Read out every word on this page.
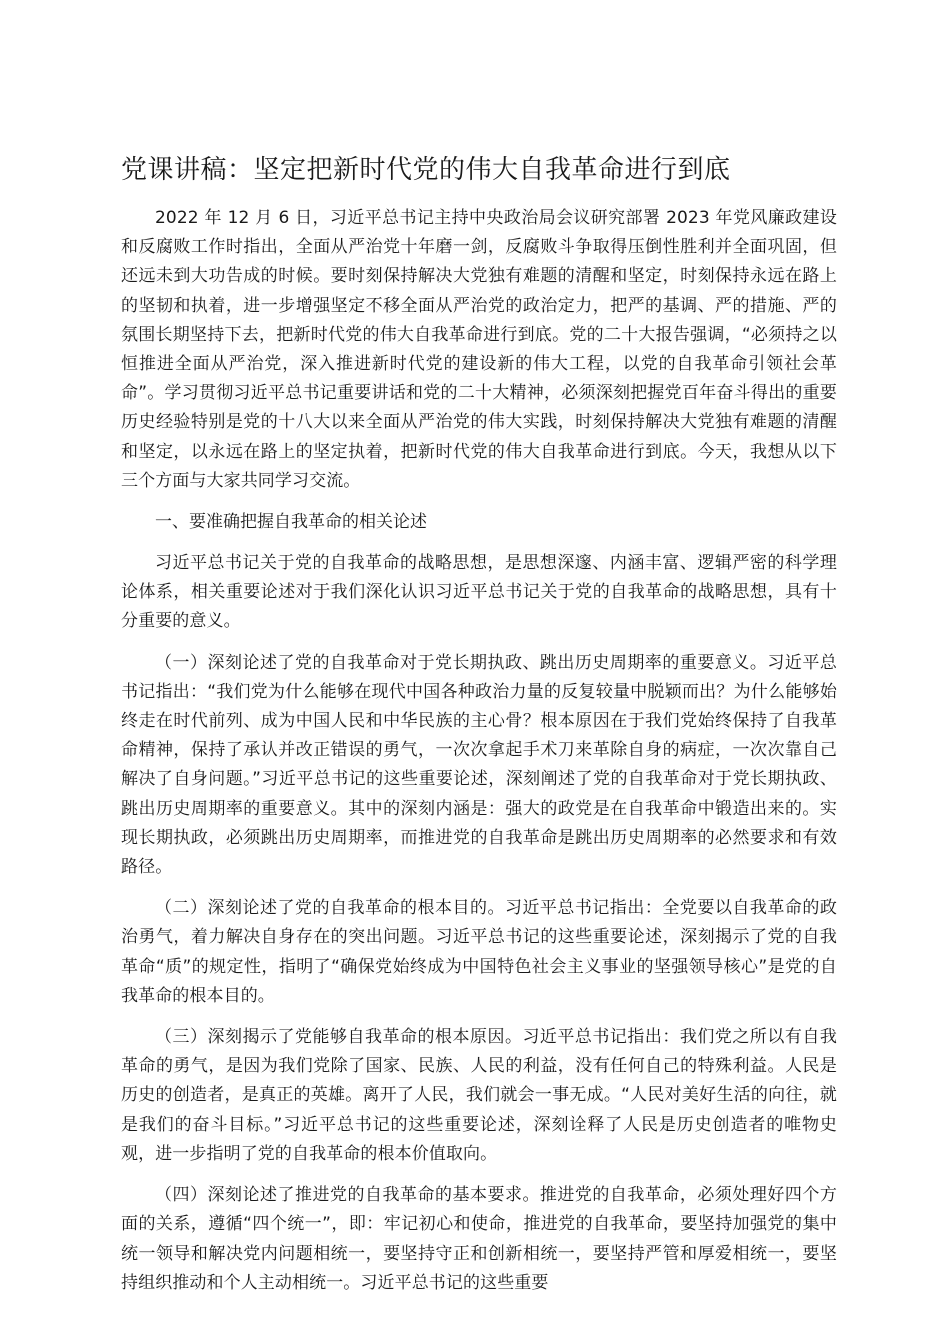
党课讲稿：坚定把新时代党的伟大自我革命进行到底

2022 年 12 月 6 日，习近平总书记主持中央政治局会议研究部署 2023 年党风廉政建设和反腐败工作时指出，全面从严治党十年磨一剑，反腐败斗争取得压倒性胜利并全面巩固，但还远未到大功告成的时候。要时刻保持解决大党独有难题的清醒和坚定，时刻保持永远在路上的坚韧和执着，进一步增强坚定不移全面从严治党的政治定力，把严的基调、严的措施、严的氛围长期坚持下去，把新时代党的伟大自我革命进行到底。党的二十大报告强调，“必须持之以恒推进全面从严治党，深入推进新时代党的建设新的伟大工程，以党的自我革命引领社会革命”。学习贯彻习近平总书记重要讲话和党的二十大精神，必须深刻把握党百年奋斗得出的重要历史经验特别是党的十八大以来全面从严治党的伟大实践，时刻保持解决大党独有难题的清醒和坚定，以永远在路上的坚定执着，把新时代党的伟大自我革命进行到底。今天，我想从以下三个方面与大家共同学习交流。

一、要准确把握自我革命的相关论述

习近平总书记关于党的自我革命的战略思想，是思想深邃、内涵丰富、逻辑严密的科学理论体系，相关重要论述对于我们深化认识习近平总书记关于党的自我革命的战略思想，具有十分重要的意义。

（一）深刻论述了党的自我革命对于党长期执政、跳出历史周期率的重要意义。习近平总书记指出：“我们党为什么能够在现代中国各种政治力量的反复较量中脱颖而出？为什么能够始终走在时代前列、成为中国人民和中华民族的主心骨？根本原因在于我们党始终保持了自我革命精神，保持了承认并改正错误的勇气，一次次拿起手术刀来革除自身的病症，一次次靠自己解决了自身问题。”习近平总书记的这些重要论述，深刻阐述了党的自我革命对于党长期执政、跳出历史周期率的重要意义。其中的深刻内涵是：强大的政党是在自我革命中锻造出来的。实现长期执政，必须跳出历史周期率，而推进党的自我革命是跳出历史周期率的必然要求和有效路径。

（二）深刻论述了党的自我革命的根本目的。习近平总书记指出：全党要以自我革命的政治勇气，着力解决自身存在的突出问题。习近平总书记的这些重要论述，深刻揭示了党的自我革命“质”的规定性，指明了“确保党始终成为中国特色社会主义事业的坚强领导核心”是党的自我革命的根本目的。

（三）深刻揭示了党能够自我革命的根本原因。习近平总书记指出：我们党之所以有自我革命的勇气，是因为我们党除了国家、民族、人民的利益，没有任何自己的特殊利益。人民是历史的创造者，是真正的英雄。离开了人民，我们就会一事无成。“人民对美好生活的向往，就是我们的奋斗目标。”习近平总书记的这些重要论述，深刻诠释了人民是历史创造者的唯物史观，进一步指明了党的自我革命的根本价值取向。

（四）深刻论述了推进党的自我革命的基本要求。推进党的自我革命，必须处理好四个方面的关系，遵循“四个统一”，即：牢记初心和使命，推进党的自我革命，要坚持加强党的集中统一领导和解决党内问题相统一，要坚持守正和创新相统一，要坚持严管和厚爱相统一，要坚持组织推动和个人主动相统一。习近平总书记的这些重要
